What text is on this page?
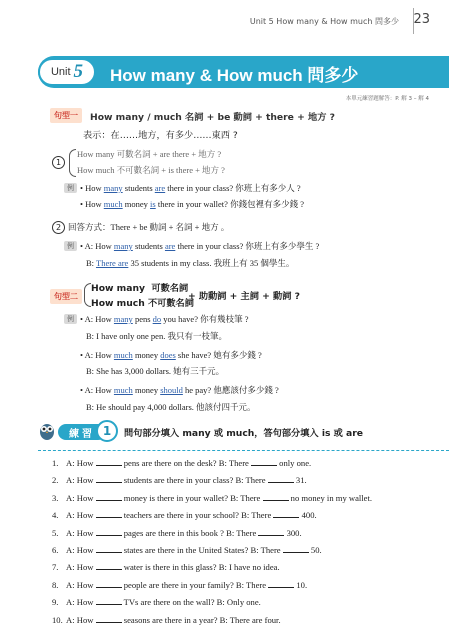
Unit 5 How many & How much 問多少 23
Unit 5 How many & How much 問多少
本單元練習題解答：P. 解 3 – 解 4
句型一	How many / much 名詞 + be 動詞 + there + 地方 ?
表示：在……地方，有多少……東西 ?
1
How many 可數名詞 + are there + 地方 ?
How much 不可數名詞 + is there + 地方 ?
例 • How many students are there in your class? 你班上有多少人 ?
• How much money is there in your wallet? 你錢包裡有多少錢 ?
2 回答方式：There + be 動詞 + 名詞 + 地方 。
例 • A: How many students are there in your class? 你班上有多少學生 ?
B: There are 35 students in my class. 我班上有 35 個學生。
句型二
How many 可數名詞
How much 不可數名詞
+ 助動詞 + 主詞 + 動詞 ?
例 • A: How many pens do you have? 你有幾枝筆 ?
B: I have only one pen. 我只有一枝筆。
• A: How much money does she have? 她有多少錢 ?
B: She has 3,000 dollars. 她有三千元。
• A: How much money should he pay? 他應該付多少錢 ?
B: He should pay 4,000 dollars. 他該付四千元。
練習 1	問句部分填入 many 或 much，答句部分填入 is 或 are
1. A: How	pens are there on the desk? B: There	only one.
2. A: How	students are there in your class? B: There	31.
3. A: How	money is there in your wallet? B: There	no money in my wallet.
4. A: How	teachers are there in your school? B: There	400.
5. A: How	pages are there in this book ? B: There	300.
6. A: How	states are there in the United States? B: There	50.
7. A: How	water is there in this glass? B: I have no idea.
8. A: How	people are there in your family? B: There	10.
9. A: How	TVs are there on the wall? B: Only one.
10. A: How	seasons are there in a year? B: There are four.
